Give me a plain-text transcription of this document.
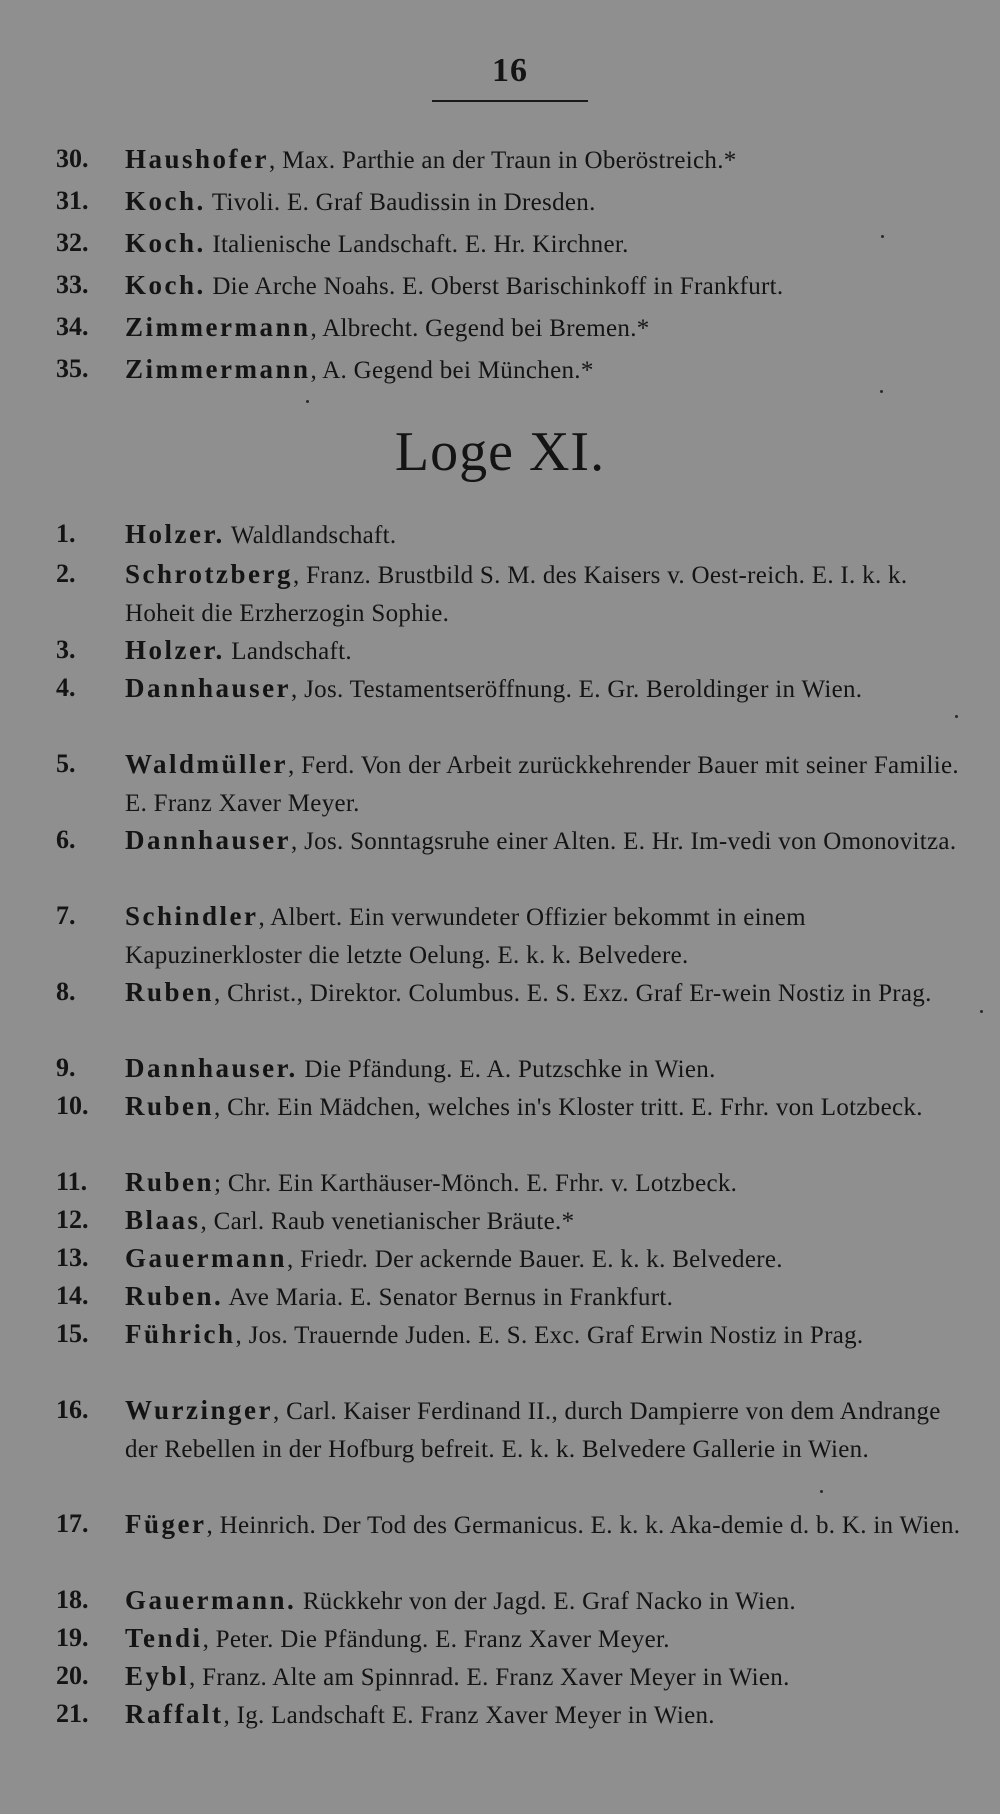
16
30.	Haushofer, Max. Parthie an der Traun in Oberöstreich.*
31.	Koch. Tivoli. E. Graf Baudissin in Dresden.
32.	Koch. Italienische Landschaft. E. Hr. Kirchner.
33.	Koch. Die Arche Noahs. E. Oberst Barischinkoff in Frankfurt.
34.	Zimmermann, Albrecht. Gegend bei Bremen.*
35.	Zimmermann, A. Gegend bei München.*
Loge XI.
1.	Holzer. Waldlandschaft.
2.	Schrotzberg, Franz. Brustbild S. M. des Kaisers v. Oest-reich. E. I. k. k. Hoheit die Erzherzogin Sophie.
3.	Holzer. Landschaft.
4.	Dannhauser, Jos. Testamentseröffnung. E. Gr. Beroldinger in Wien.
5.	Waldmüller, Ferd. Von der Arbeit zurückkehrender Bauer mit seiner Familie. E. Franz Xaver Meyer.
6.	Dannhauser, Jos. Sonntagsruhe einer Alten. E. Hr. Im-vedi von Omonovitza.
7.	Schindler, Albert. Ein verwundeter Offizier bekommt in einem Kapuzinerkloster die letzte Oelung. E. k. k. Belvedere.
8.	Ruben, Christ., Direktor. Columbus. E. S. Exz. Graf Er-wein Nostiz in Prag.
9.	Dannhauser. Die Pfändung. E. A. Putzschke in Wien.
10.	Ruben, Chr. Ein Mädchen, welches in's Kloster tritt. E. Frhr. von Lotzbeck.
11.	Ruben; Chr. Ein Karthäuser-Mönch. E. Frhr. v. Lotzbeck.
12.	Blaas, Carl. Raub venetianischer Bräute.*
13.	Gauermann, Friedr. Der ackernde Bauer. E. k. k. Belvedere.
14.	Ruben. Ave Maria. E. Senator Bernus in Frankfurt.
15.	Führich, Jos. Trauernde Juden. E. S. Exc. Graf Erwin Nostiz in Prag.
16.	Wurzinger, Carl. Kaiser Ferdinand II., durch Dampierre von dem Andrange der Rebellen in der Hofburg befreit. E. k. k. Belvedere Gallerie in Wien.
17.	Füger, Heinrich. Der Tod des Germanicus. E. k. k. Aka-demie d. b. K. in Wien.
18.	Gauermann. Rückkehr von der Jagd. E. Graf Nacko in Wien.
19.	Tendi, Peter. Die Pfändung. E. Franz Xaver Meyer.
20.	Eybl, Franz. Alte am Spinnrad. E. Franz Xaver Meyer in Wien.
21.	Raffalt, Ig. Landschaft E. Franz Xaver Meyer in Wien.
